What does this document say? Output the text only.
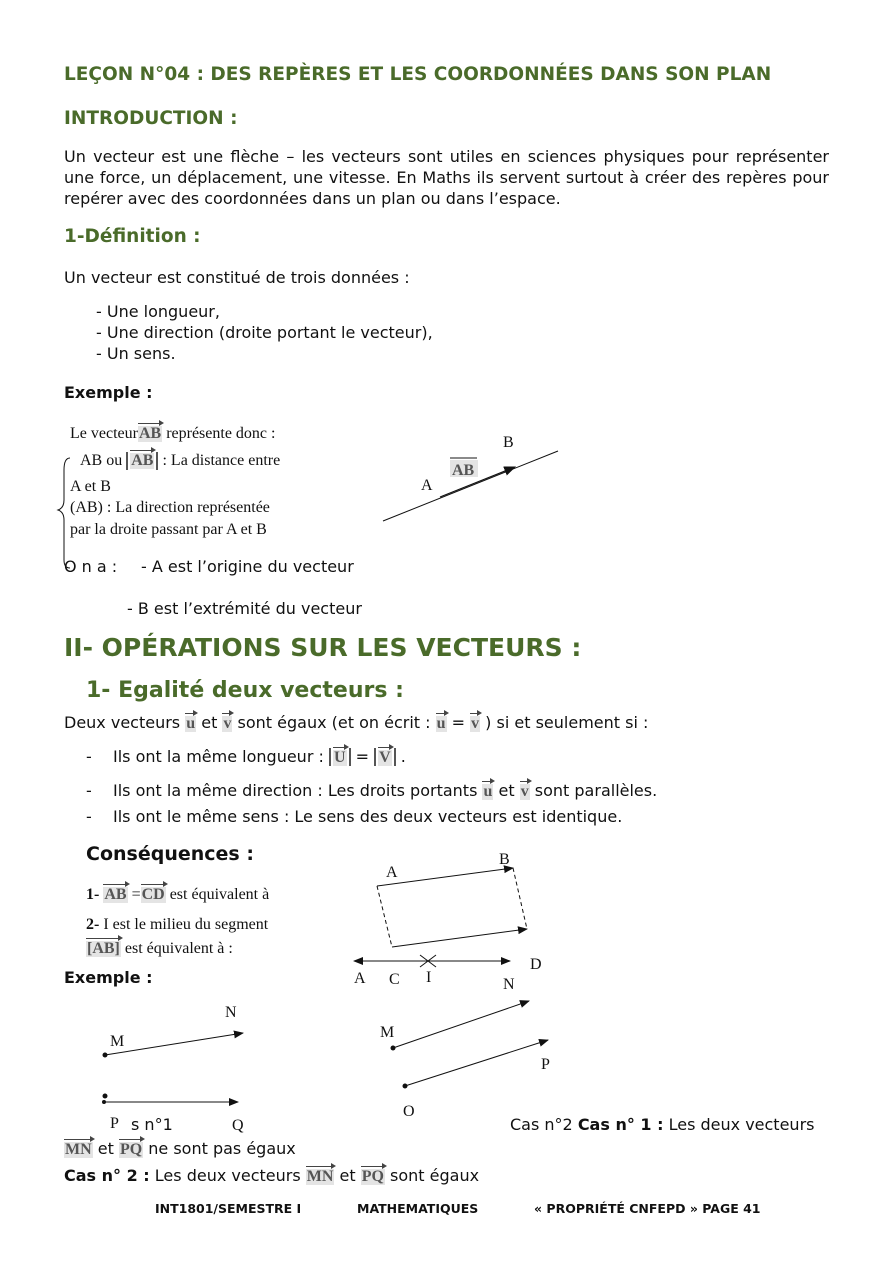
LEÇON N°04 : DES REPÈRES ET LES COORDONNÉES DANS SON PLAN
INTRODUCTION :
Un vecteur est une flèche – les vecteurs sont utiles en sciences physiques pour représenter une force, un déplacement, une vitesse. En Maths ils servent surtout à créer des repères pour repérer avec des coordonnées dans un plan ou dans l’espace.
1-Définition :
Un vecteur est constitué de trois données :
- Une longueur,
- Une direction (droite portant le vecteur),
- Un sens.
Exemple :
Le vecteurAB représente donc :
AB ou AB : La distance entre
A et B
(AB) : La direction représentée
par la droite passant par A et B
O n a : - A est l’origine du vecteur
- B est l’extrémité du vecteur
II- OPÉRATIONS SUR LES VECTEURS :
1- Egalité deux vecteurs :
Deux vecteurs u et v sont égaux (et on écrit : u = v ) si et seulement si :
- Ils ont la même longueur : U = V .
- Ils ont la même direction : Les droits portants u et v sont parallèles.
- Ils ont le même sens : Le sens des deux vecteurs est identique.
Conséquences :
1- AB =CD est équivalent à
2- I est le milieu du segment
[AB] est équivalent à :
Exemple :
Cas n°2 Cas n° 1 : Les deux vecteurs
MN et PQ ne sont pas égaux
Cas n° 2 : Les deux vecteurs MN et PQ sont égaux
INT1801/SEMESTRE I	MATHEMATIQUES	« PROPRIÉTÉ CNFEPD » PAGE 41
A
B
AB
A
B
D
A C I
M
N
P	Q
s n°1
M
N
O
P
